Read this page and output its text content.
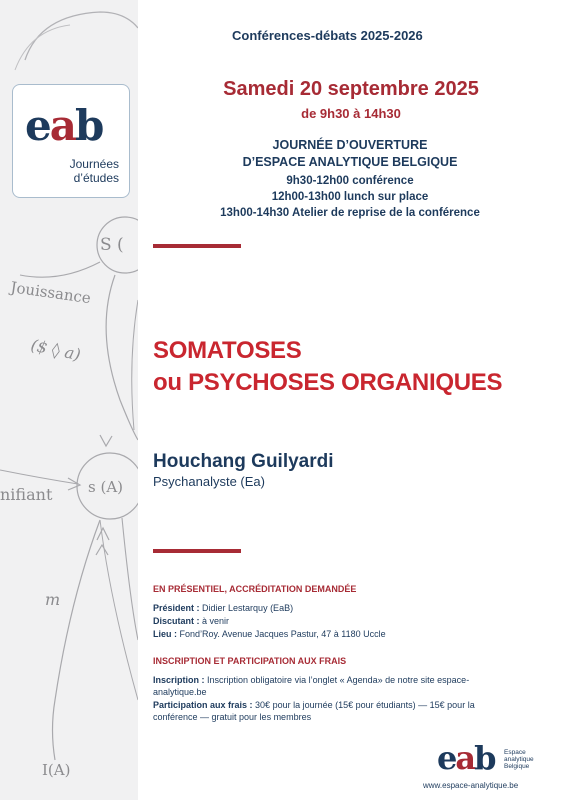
S (
Jouissance
($ ◊ a)
s (A)
nifiant
m
I(A)
eab
Journées
d’études
Conférences-débats 2025-2026
Samedi 20 septembre 2025
de 9h30 à 14h30
JOURNÉE D’OUVERTURE
D’ESPACE ANALYTIQUE BELGIQUE
9h30-12h00 conférence
12h00-13h00 lunch sur place
13h00-14h30 Atelier de reprise de la conférence
SOMATOSES
ou PSYCHOSES ORGANIQUES
Houchang Guilyardi
Psychanalyste (Ea)
EN PRÉSENTIEL, ACCRÉDITATION DEMANDÉE
Président : Didier Lestarquy (EaB)
Discutant : à venir
Lieu : Fond’Roy. Avenue Jacques Pastur, 47 à 1180 Uccle
INSCRIPTION ET PARTICIPATION AUX FRAIS
Inscription : Inscription obligatoire via l’onglet « Agenda» de notre site espace-
analytique.be
Participation aux frais : 30€ pour la journée (15€ pour étudiants) — 15€ pour la
conférence — gratuit pour les membres
eab Espace
analytique
Belgique
www.espace-analytique.be
